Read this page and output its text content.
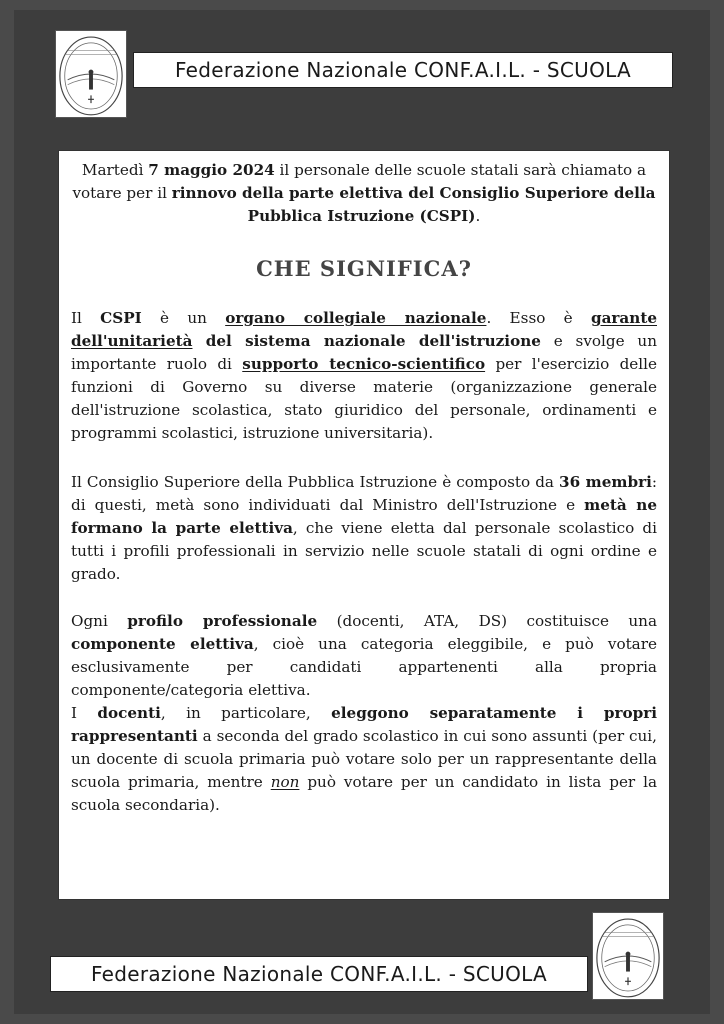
Federazione Nazionale CONF.A.I.L. - SCUOLA

Martedì 7 maggio 2024 il personale delle scuole statali sarà chiamato a votare per il rinnovo della parte elettiva del Consiglio Superiore della Pubblica Istruzione (CSPI).

CHE SIGNIFICA?

Il CSPI è un organo collegiale nazionale. Esso è garante dell'unitarietà del sistema nazionale dell'istruzione e svolge un importante ruolo di supporto tecnico-scientifico per l'esercizio delle funzioni di Governo su diverse materie (organizzazione generale dell'istruzione scolastica, stato giuridico del personale, ordinamenti e programmi scolastici, istruzione universitaria).

Il Consiglio Superiore della Pubblica Istruzione è composto da 36 membri: di questi, metà sono individuati dal Ministro dell'Istruzione e metà ne formano la parte elettiva, che viene eletta dal personale scolastico di tutti i profili professionali in servizio nelle scuole statali di ogni ordine e grado.

Ogni profilo professionale (docenti, ATA, DS) costituisce una componente elettiva, cioè una categoria eleggibile, e può votare esclusivamente per candidati appartenenti alla propria componente/categoria elettiva.

I docenti, in particolare, eleggono separatamente i propri rappresentanti a seconda del grado scolastico in cui sono assunti (per cui, un docente di scuola primaria può votare solo per un rappresentante della scuola primaria, mentre non può votare per un candidato in lista per la scuola secondaria).

Federazione Nazionale CONF.A.I.L. - SCUOLA
